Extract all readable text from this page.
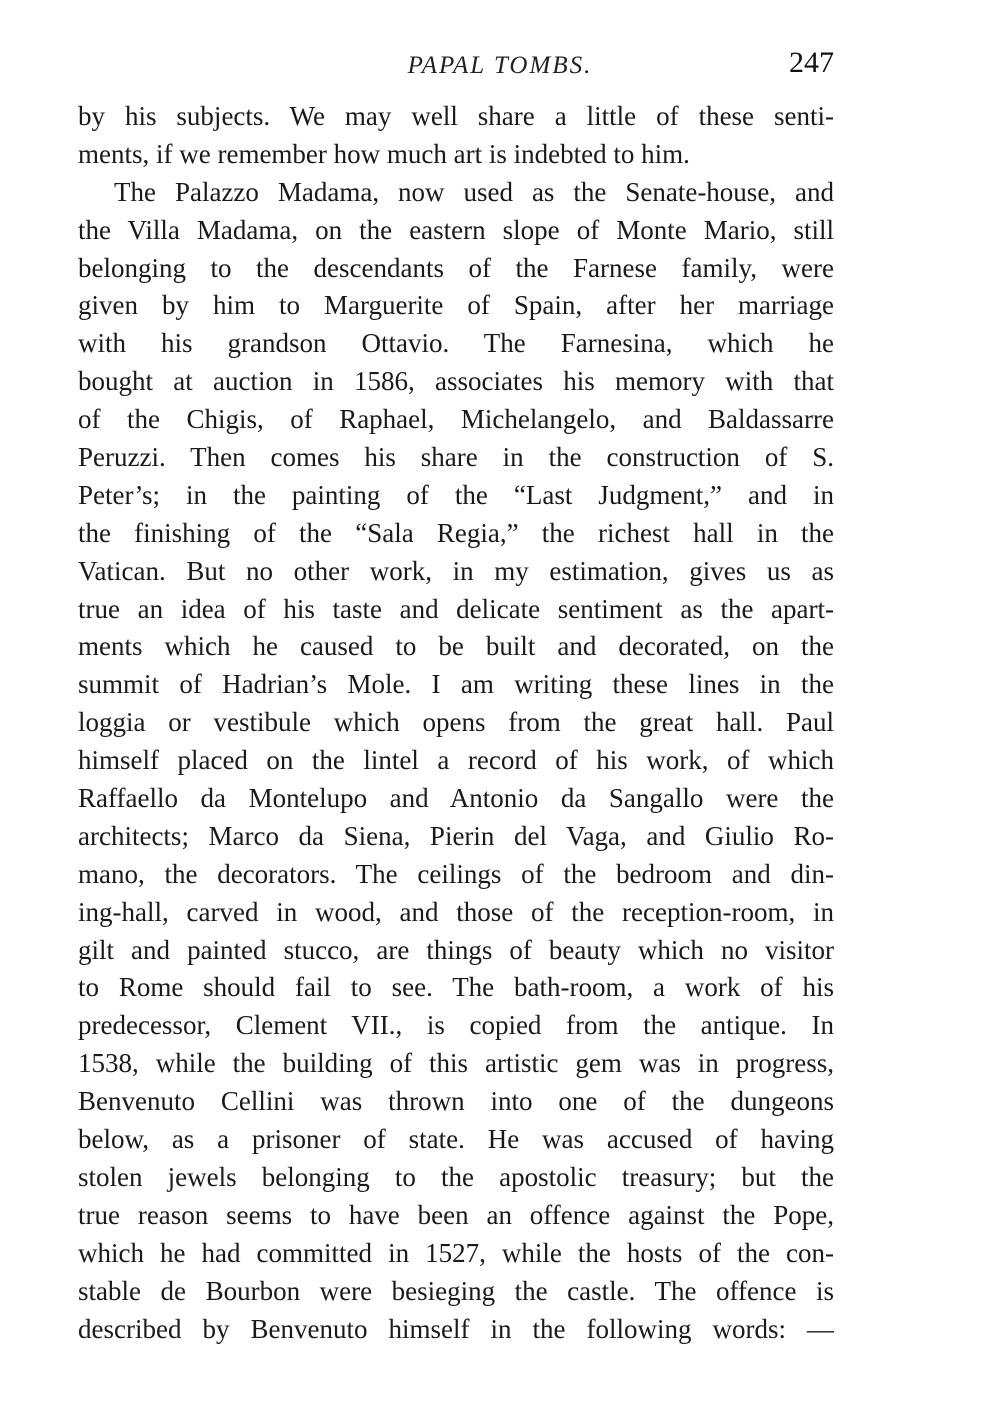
PAPAL TOMBS.	247
by his subjects. We may well share a little of these senti-
ments, if we remember how much art is indebted to him.
The Palazzo Madama, now used as the Senate-house, and
the Villa Madama, on the eastern slope of Monte Mario, still
belonging to the descendants of the Farnese family, were
given by him to Marguerite of Spain, after her marriage
with his grandson Ottavio. The Farnesina, which he
bought at auction in 1586, associates his memory with that
of the Chigis, of Raphael, Michelangelo, and Baldassarre
Peruzzi. Then comes his share in the construction of S.
Peter’s; in the painting of the “Last Judgment,” and in
the finishing of the “Sala Regia,” the richest hall in the
Vatican. But no other work, in my estimation, gives us as
true an idea of his taste and delicate sentiment as the apart-
ments which he caused to be built and decorated, on the
summit of Hadrian’s Mole. I am writing these lines in the
loggia or vestibule which opens from the great hall. Paul
himself placed on the lintel a record of his work, of which
Raffaello da Montelupo and Antonio da Sangallo were the
architects; Marco da Siena, Pierin del Vaga, and Giulio Ro-
mano, the decorators. The ceilings of the bedroom and din-
ing-hall, carved in wood, and those of the reception-room, in
gilt and painted stucco, are things of beauty which no visitor
to Rome should fail to see. The bath-room, a work of his
predecessor, Clement VII., is copied from the antique. In
1538, while the building of this artistic gem was in progress,
Benvenuto Cellini was thrown into one of the dungeons
below, as a prisoner of state. He was accused of having
stolen jewels belonging to the apostolic treasury; but the
true reason seems to have been an offence against the Pope,
which he had committed in 1527, while the hosts of the con-
stable de Bourbon were besieging the castle. The offence is
described by Benvenuto himself in the following words: —
